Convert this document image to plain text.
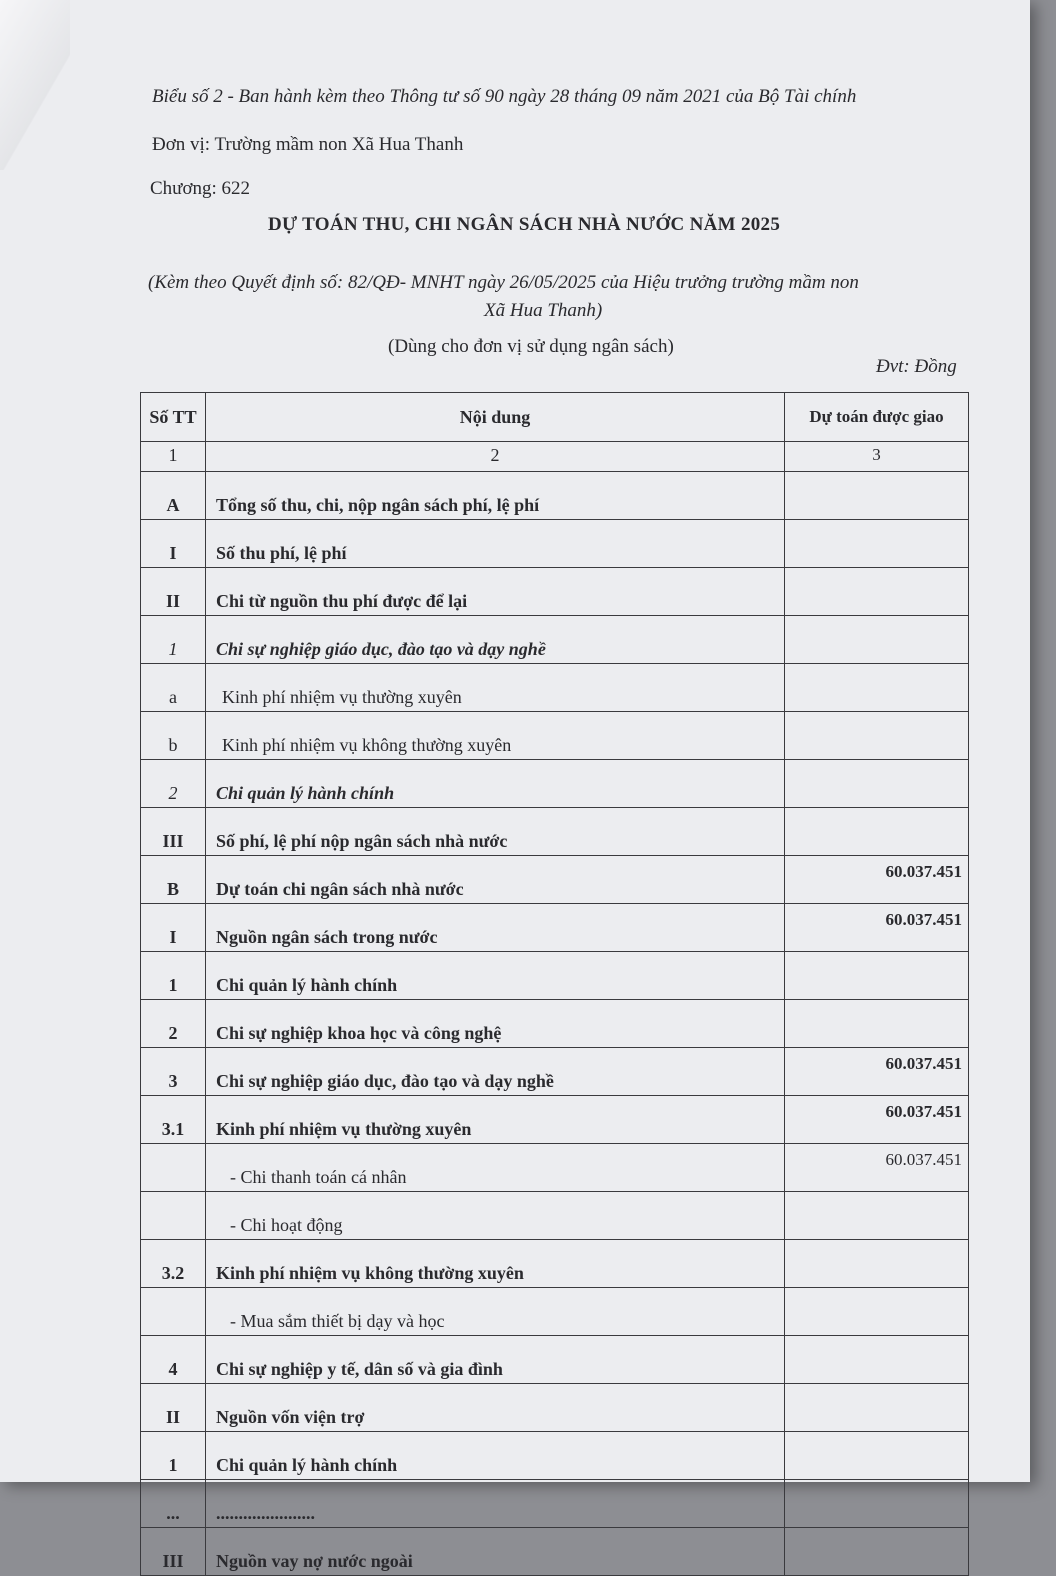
Biểu số 2 - Ban hành kèm theo Thông tư số 90 ngày 28 tháng 09 năm 2021 của Bộ Tài chính
Đơn vị: Trường mầm non Xã Hua Thanh
Chương: 622
DỰ TOÁN THU, CHI NGÂN SÁCH NHÀ NƯỚC NĂM 2025
(Kèm theo Quyết định số: 82/QĐ- MNHT ngày 26/05/2025 của Hiệu trưởng trường mầm non
Xã Hua Thanh)
(Dùng cho đơn vị sử dụng ngân sách)
Đvt: Đồng
Số TT	Nội dung	Dự toán được giao
1	2	3
A	Tổng số thu, chi, nộp ngân sách phí, lệ phí	
I	Số thu phí, lệ phí	
II	Chi từ nguồn thu phí được để lại	
1	Chi sự nghiệp giáo dục, đào tạo và dạy nghề	
a	Kinh phí nhiệm vụ thường xuyên	
b	Kinh phí nhiệm vụ không thường xuyên	
2	Chi quản lý hành chính	
III	Số phí, lệ phí nộp ngân sách nhà nước	
B	Dự toán chi ngân sách nhà nước	60.037.451
I	Nguồn ngân sách trong nước	60.037.451
1	Chi quản lý hành chính	
2	Chi sự nghiệp khoa học và công nghệ	
3	Chi sự nghiệp giáo dục, đào tạo và dạy nghề	60.037.451
3.1	Kinh phí nhiệm vụ thường xuyên	60.037.451
	- Chi thanh toán cá nhân	60.037.451
	- Chi hoạt động	
3.2	Kinh phí nhiệm vụ không thường xuyên	
	- Mua sắm thiết bị dạy và học	
4	Chi sự nghiệp y tế, dân số và gia đình	
II	Nguồn vốn viện trợ	
1	Chi quản lý hành chính	
...	......................	
III	Nguồn vay nợ nước ngoài	
